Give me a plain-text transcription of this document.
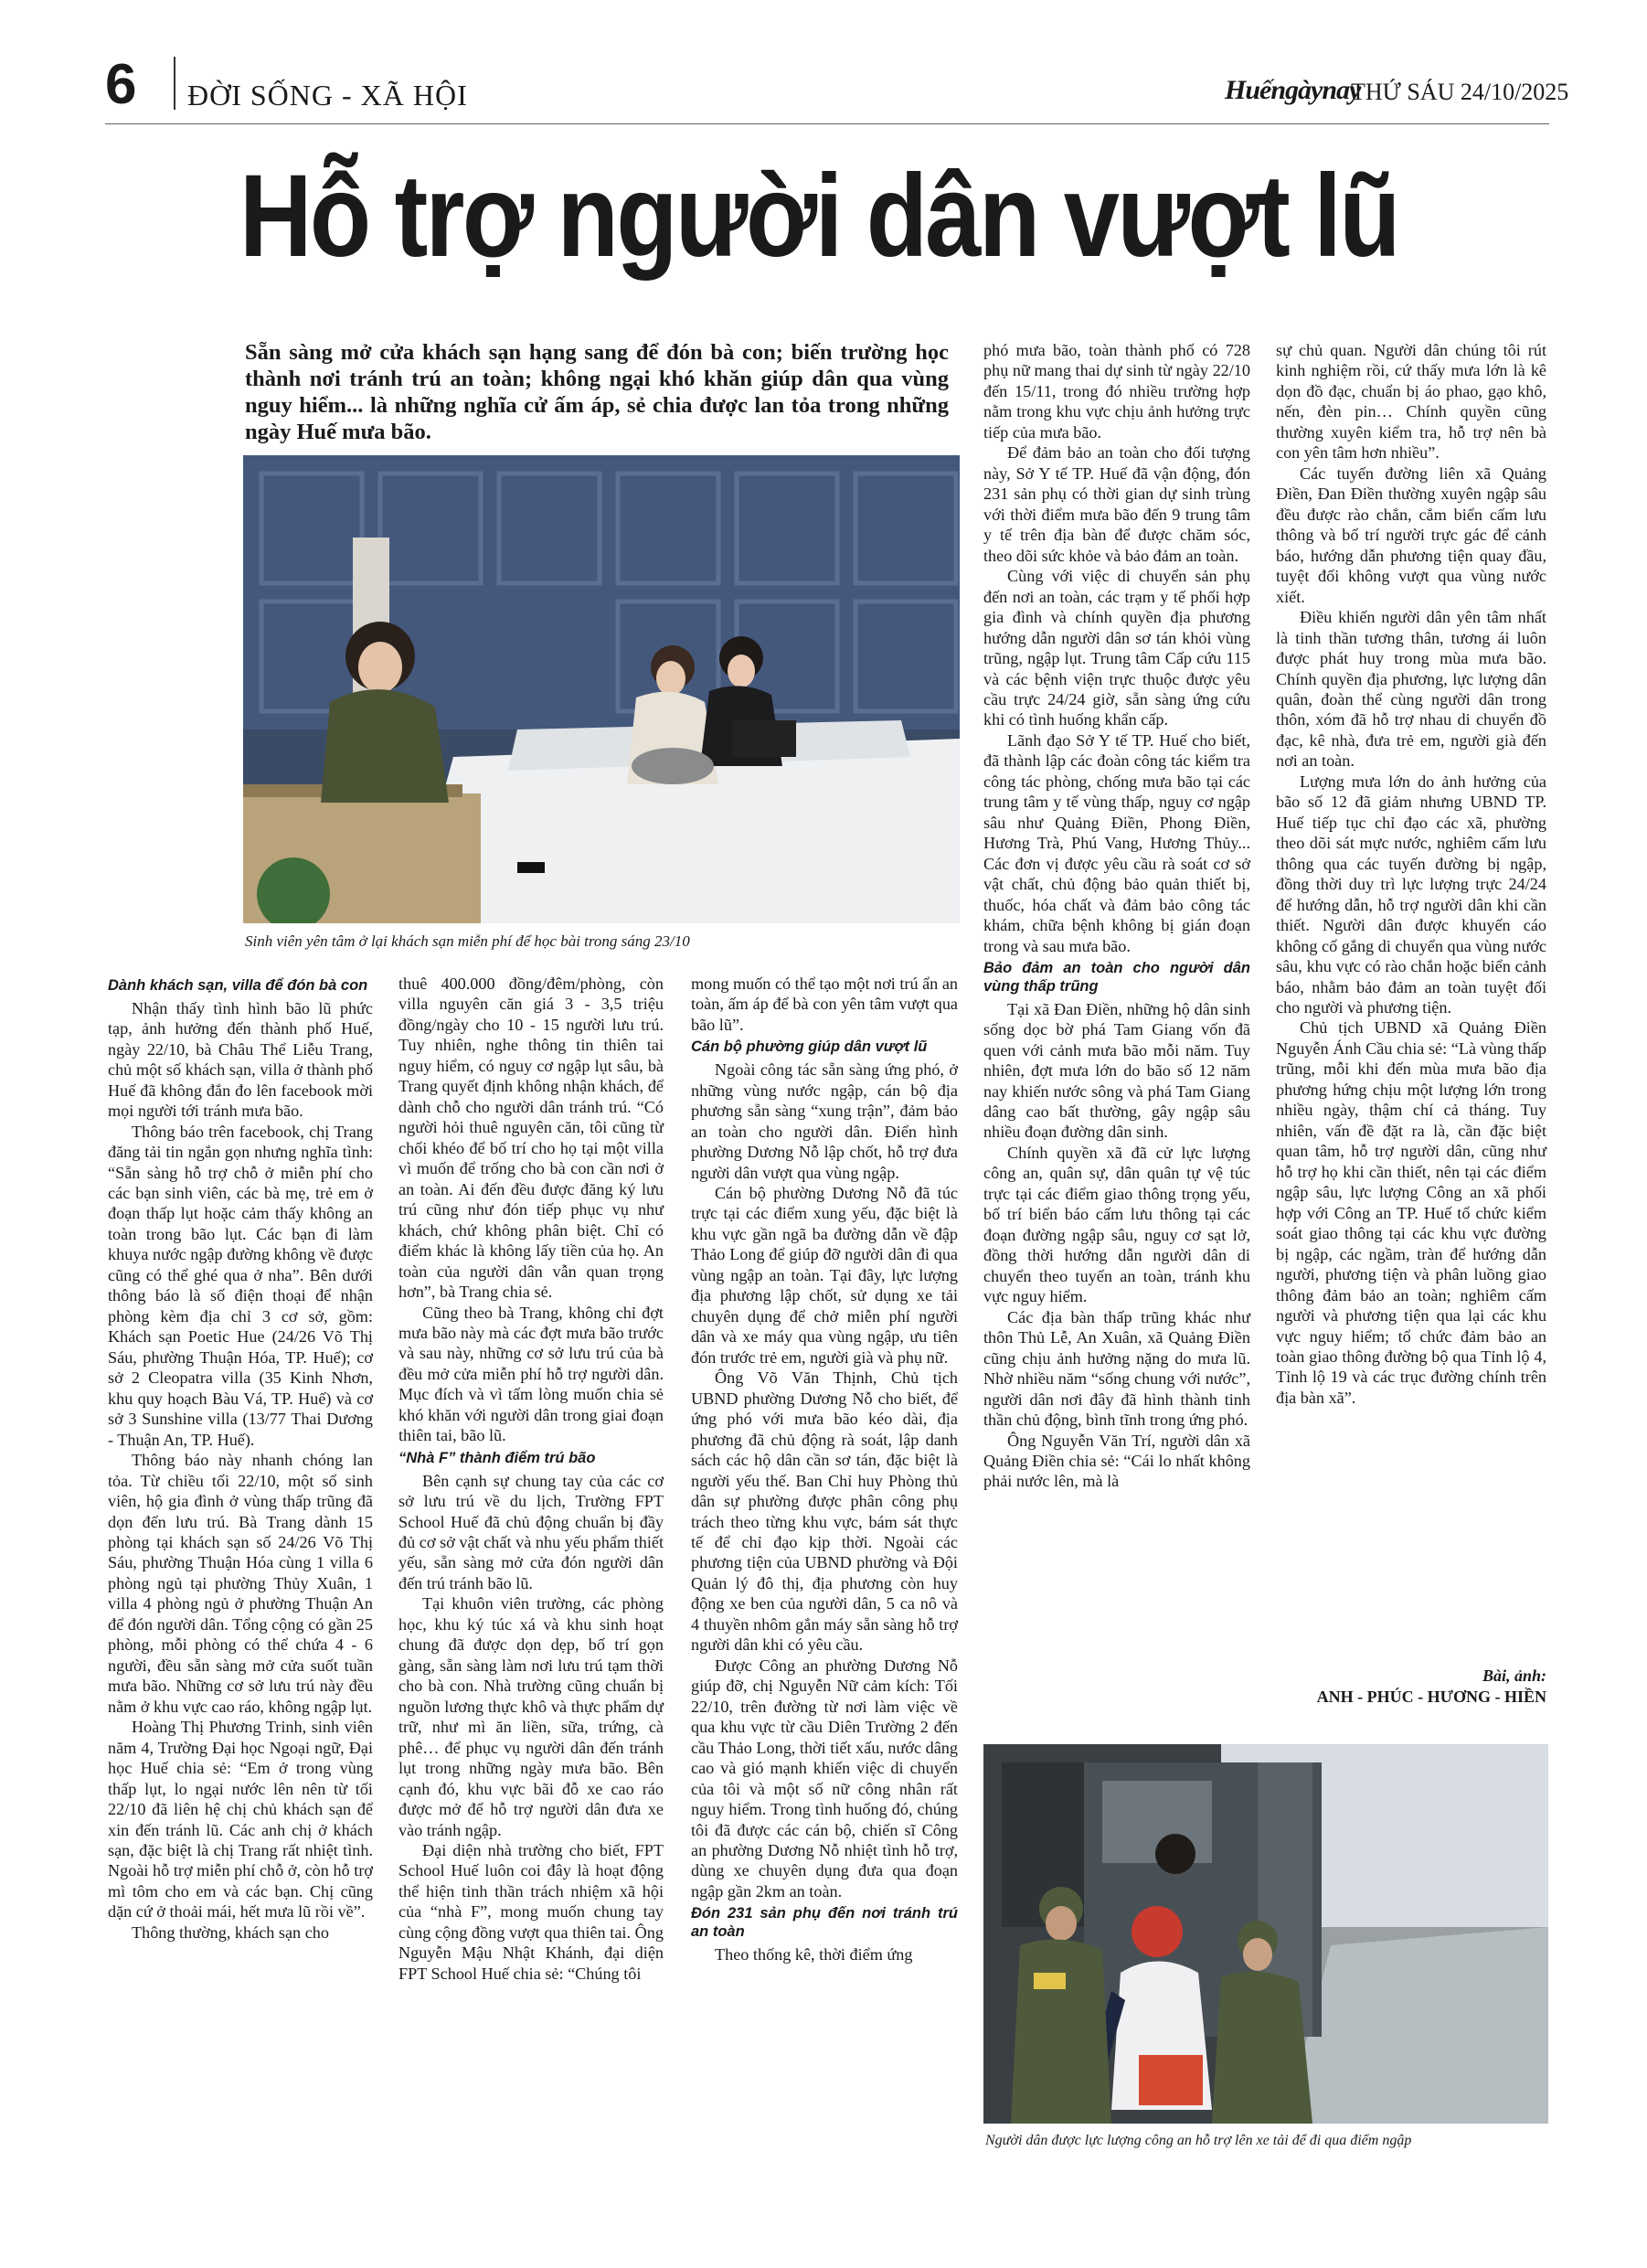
6 ĐỜI SỐNG - XÃ HỘI	Huếngàynay
THỨ SÁU 24/10/2025
Hỗ trợ người dân vượt lũ
Sẵn sàng mở cửa khách sạn hạng sang để đón bà con; biến trường học thành nơi tránh trú an toàn; không ngại khó khăn giúp dân qua vùng nguy hiểm... là những nghĩa cử ấm áp, sẻ chia được lan tỏa trong những ngày Huế mưa bão.
Sinh viên yên tâm ở lại khách sạn miễn phí để học bài trong sáng 23/10
Dành khách sạn, villa để đón bà con

Nhận thấy tình hình bão lũ phức tạp, ảnh hưởng đến thành phố Huế, ngày 22/10, bà Châu Thể Liễu Trang, chủ một số khách sạn, villa ở thành phố Huế đã không đắn đo lên facebook mời mọi người tới tránh mưa bão.

Thông báo trên facebook, chị Trang đăng tải tin ngắn gọn nhưng nghĩa tình: “Sẵn sàng hỗ trợ chỗ ở miễn phí cho các bạn sinh viên, các bà mẹ, trẻ em ở đoạn thấp lụt hoặc cảm thấy không an toàn trong bão lụt. Các bạn đi làm khuya nước ngập đường không về được cũng có thể ghé qua ở nha”. Bên dưới thông báo là số điện thoại để nhận phòng kèm địa chỉ 3 cơ sở, gồm: Khách sạn Poetic Hue (24/26 Võ Thị Sáu, phường Thuận Hóa, TP. Huế); cơ sở 2 Cleopatra villa (35 Kinh Nhơn, khu quy hoạch Bàu Vá, TP. Huế) và cơ sở 3 Sunshine villa (13/77 Thai Dương - Thuận An, TP. Huế).

Thông báo này nhanh chóng lan tỏa. Từ chiều tối 22/10, một số sinh viên, hộ gia đình ở vùng thấp trũng đã dọn đến lưu trú. Bà Trang dành 15 phòng tại khách sạn số 24/26 Võ Thị Sáu, phường Thuận Hóa cùng 1 villa 6 phòng ngủ tại phường Thủy Xuân, 1 villa 4 phòng ngủ ở phường Thuận An để đón người dân. Tổng cộng có gần 25 phòng, mỗi phòng có thể chứa 4 - 6 người, đều sẵn sàng mở cửa suốt tuần mưa bão. Những cơ sở lưu trú này đều nằm ở khu vực cao ráo, không ngập lụt.

Hoàng Thị Phương Trinh, sinh viên năm 4, Trường Đại học Ngoại ngữ, Đại học Huế chia sẻ: “Em ở trong vùng thấp lụt, lo ngại nước lên nên từ tối 22/10 đã liên hệ chị chủ khách sạn để xin đến tránh lũ. Các anh chị ở khách sạn, đặc biệt là chị Trang rất nhiệt tình. Ngoài hỗ trợ miễn phí chỗ ở, còn hỗ trợ mì tôm cho em và các bạn. Chị cũng dặn cứ ở thoải mái, hết mưa lũ rồi về”.

Thông thường, khách sạn cho

thuê 400.000 đồng/đêm/phòng, còn villa nguyên căn giá 3 - 3,5 triệu đồng/ngày cho 10 - 15 người lưu trú. Tuy nhiên, nghe thông tin thiên tai nguy hiểm, có nguy cơ ngập lụt sâu, bà Trang quyết định không nhận khách, để dành chỗ cho người dân tránh trú. “Có người hỏi thuê nguyên căn, tôi cũng từ chối khéo để bố trí cho họ tại một villa vì muốn để trống cho bà con cần nơi ở an toàn. Ai đến đều được đăng ký lưu trú cũng như đón tiếp phục vụ như khách, chứ không phân biệt. Chỉ có điểm khác là không lấy tiền của họ. An toàn của người dân vẫn quan trọng hơn”, bà Trang chia sẻ.

Cũng theo bà Trang, không chỉ đợt mưa bão này mà các đợt mưa bão trước và sau này, những cơ sở lưu trú của bà đều mở cửa miễn phí hỗ trợ người dân. Mục đích và vì tấm lòng muốn chia sẻ khó khăn với người dân trong giai đoạn thiên tai, bão lũ.

“Nhà F” thành điểm trú bão

Bên cạnh sự chung tay của các cơ sở lưu trú về du lịch, Trường FPT School Huế đã chủ động chuẩn bị đầy đủ cơ sở vật chất và nhu yếu phẩm thiết yếu, sẵn sàng mở cửa đón người dân đến trú tránh bão lũ.

Tại khuôn viên trường, các phòng học, khu ký túc xá và khu sinh hoạt chung đã được dọn dẹp, bố trí gọn gàng, sẵn sàng làm nơi lưu trú tạm thời cho bà con. Nhà trường cũng chuẩn bị nguồn lương thực khô và thực phẩm dự trữ, như mì ăn liền, sữa, trứng, cà phê… để phục vụ người dân đến tránh lụt trong những ngày mưa bão. Bên cạnh đó, khu vực bãi đỗ xe cao ráo được mở để hỗ trợ người dân đưa xe vào tránh ngập.

Đại diện nhà trường cho biết, FPT School Huế luôn coi đây là hoạt động thể hiện tinh thần trách nhiệm xã hội của “nhà F”, mong muốn chung tay cùng cộng đồng vượt qua thiên tai. Ông Nguyễn Mậu Nhật Khánh, đại diện FPT School Huế chia sẻ: “Chúng tôi

mong muốn có thể tạo một nơi trú ẩn an toàn, ấm áp để bà con yên tâm vượt qua bão lũ”.

Cán bộ phường giúp dân vượt lũ

Ngoài công tác sẵn sàng ứng phó, ở những vùng nước ngập, cán bộ địa phương sẵn sàng “xung trận”, đảm bảo an toàn cho người dân. Điển hình phường Dương Nỗ lập chốt, hỗ trợ đưa người dân vượt qua vùng ngập.

Cán bộ phường Dương Nỗ đã túc trực tại các điểm xung yếu, đặc biệt là khu vực gần ngã ba đường dẫn về đập Thảo Long để giúp đỡ người dân đi qua vùng ngập an toàn. Tại đây, lực lượng địa phương lập chốt, sử dụng xe tải chuyên dụng để chở miễn phí người dân và xe máy qua vùng ngập, ưu tiên đón trước trẻ em, người già và phụ nữ.

Ông Võ Văn Thịnh, Chủ tịch UBND phường Dương Nỗ cho biết, để ứng phó với mưa bão kéo dài, địa phương đã chủ động rà soát, lập danh sách các hộ dân cần sơ tán, đặc biệt là người yếu thế. Ban Chỉ huy Phòng thủ dân sự phường được phân công phụ trách theo từng khu vực, bám sát thực tế để chỉ đạo kịp thời. Ngoài các phương tiện của UBND phường và Đội Quản lý đô thị, địa phương còn huy động xe ben của người dân, 5 ca nô và 4 thuyền nhôm gắn máy sẵn sàng hỗ trợ người dân khi có yêu cầu.

Được Công an phường Dương Nỗ giúp đỡ, chị Nguyễn Nữ cảm kích: Tối 22/10, trên đường từ nơi làm việc về qua khu vực từ cầu Diên Trường 2 đến cầu Thảo Long, thời tiết xấu, nước dâng cao và gió mạnh khiến việc di chuyển của tôi và một số nữ công nhân rất nguy hiểm. Trong tình huống đó, chúng tôi đã được các cán bộ, chiến sĩ Công an phường Dương Nỗ nhiệt tình hỗ trợ, dùng xe chuyên dụng đưa qua đoạn ngập gần 2km an toàn.

Đón 231 sản phụ đến nơi tránh trú an toàn

Theo thống kê, thời điểm ứng

phó mưa bão, toàn thành phố có 728 phụ nữ mang thai dự sinh từ ngày 22/10 đến 15/11, trong đó nhiều trường hợp nằm trong khu vực chịu ảnh hưởng trực tiếp của mưa bão.

Để đảm bảo an toàn cho đối tượng này, Sở Y tế TP. Huế đã vận động, đón 231 sản phụ có thời gian dự sinh trùng với thời điểm mưa bão đến 9 trung tâm y tế trên địa bàn để được chăm sóc, theo dõi sức khỏe và bảo đảm an toàn.

Cùng với việc di chuyển sản phụ đến nơi an toàn, các trạm y tế phối hợp gia đình và chính quyền địa phương hướng dẫn người dân sơ tán khỏi vùng trũng, ngập lụt. Trung tâm Cấp cứu 115 và các bệnh viện trực thuộc được yêu cầu trực 24/24 giờ, sẵn sàng ứng cứu khi có tình huống khẩn cấp.

Lãnh đạo Sở Y tế TP. Huế cho biết, đã thành lập các đoàn công tác kiểm tra công tác phòng, chống mưa bão tại các trung tâm y tế vùng thấp, nguy cơ ngập sâu như Quảng Điền, Phong Điền, Hương Trà, Phú Vang, Hương Thủy... Các đơn vị được yêu cầu rà soát cơ sở vật chất, chủ động bảo quản thiết bị, thuốc, hóa chất và đảm bảo công tác khám, chữa bệnh không bị gián đoạn trong và sau mưa bão.

Bảo đảm an toàn cho người dân vùng thấp trũng

Tại xã Đan Điền, những hộ dân sinh sống dọc bờ phá Tam Giang vốn đã quen với cảnh mưa bão mỗi năm. Tuy nhiên, đợt mưa lớn do bão số 12 năm nay khiến nước sông và phá Tam Giang dâng cao bất thường, gây ngập sâu nhiều đoạn đường dân sinh.

Chính quyền xã đã cử lực lượng công an, quân sự, dân quân tự vệ túc trực tại các điểm giao thông trọng yếu, bố trí biển báo cấm lưu thông tại các đoạn đường ngập sâu, nguy cơ sạt lở, đồng thời hướng dẫn người dân di chuyển theo tuyến an toàn, tránh khu vực nguy hiểm.

Các địa bàn thấp trũng khác như thôn Thủ Lễ, An Xuân, xã Quảng Điền cũng chịu ảnh hưởng nặng do mưa lũ. Nhờ nhiều năm “sống chung với nước”, người dân nơi đây đã hình thành tinh thần chủ động, bình tĩnh trong ứng phó.

Ông Nguyễn Văn Trí, người dân xã Quảng Điền chia sẻ: “Cái lo nhất không phải nước lên, mà là

sự chủ quan. Người dân chúng tôi rút kinh nghiệm rồi, cứ thấy mưa lớn là kê dọn đồ đạc, chuẩn bị áo phao, gạo khô, nến, đèn pin… Chính quyền cũng thường xuyên kiểm tra, hỗ trợ nên bà con yên tâm hơn nhiều”.

Các tuyến đường liên xã Quảng Điền, Đan Điền thường xuyên ngập sâu đều được rào chắn, cắm biển cấm lưu thông và bố trí người trực gác để cảnh báo, hướng dẫn phương tiện quay đầu, tuyệt đối không vượt qua vùng nước xiết.

Điều khiến người dân yên tâm nhất là tinh thần tương thân, tương ái luôn được phát huy trong mùa mưa bão. Chính quyền địa phương, lực lượng dân quân, đoàn thể cùng người dân trong thôn, xóm đã hỗ trợ nhau di chuyển đồ đạc, kê nhà, đưa trẻ em, người già đến nơi an toàn.

Lượng mưa lớn do ảnh hưởng của bão số 12 đã giảm nhưng UBND TP. Huế tiếp tục chỉ đạo các xã, phường theo dõi sát mực nước, nghiêm cấm lưu thông qua các tuyến đường bị ngập, đồng thời duy trì lực lượng trực 24/24 để hướng dẫn, hỗ trợ người dân khi cần thiết. Người dân được khuyến cáo không cố gắng di chuyển qua vùng nước sâu, khu vực có rào chắn hoặc biển cảnh báo, nhằm bảo đảm an toàn tuyệt đối cho người và phương tiện.

Chủ tịch UBND xã Quảng Điền Nguyễn Ánh Cầu chia sẻ: “Là vùng thấp trũng, mỗi khi đến mùa mưa bão địa phương hứng chịu một lượng lớn trong nhiều ngày, thậm chí cả tháng. Tuy nhiên, vấn đề đặt ra là, cần đặc biệt quan tâm, hỗ trợ người dân, cũng như hỗ trợ họ khi cần thiết, nên tại các điểm ngập sâu, lực lượng Công an xã phối hợp với Công an TP. Huế tổ chức kiểm soát giao thông tại các khu vực đường bị ngập, các ngầm, tràn để hướng dẫn người, phương tiện và phân luồng giao thông đảm bảo an toàn; nghiêm cấm người và phương tiện qua lại các khu vực nguy hiểm; tổ chức đảm bảo an toàn giao thông đường bộ qua Tỉnh lộ 4, Tỉnh lộ 19 và các trục đường chính trên địa bàn xã”.

Bài, ảnh:
ANH - PHÚC - HƯƠNG - HIỀN
Người dân được lực lượng công an hỗ trợ lên xe tải để đi qua điểm ngập
